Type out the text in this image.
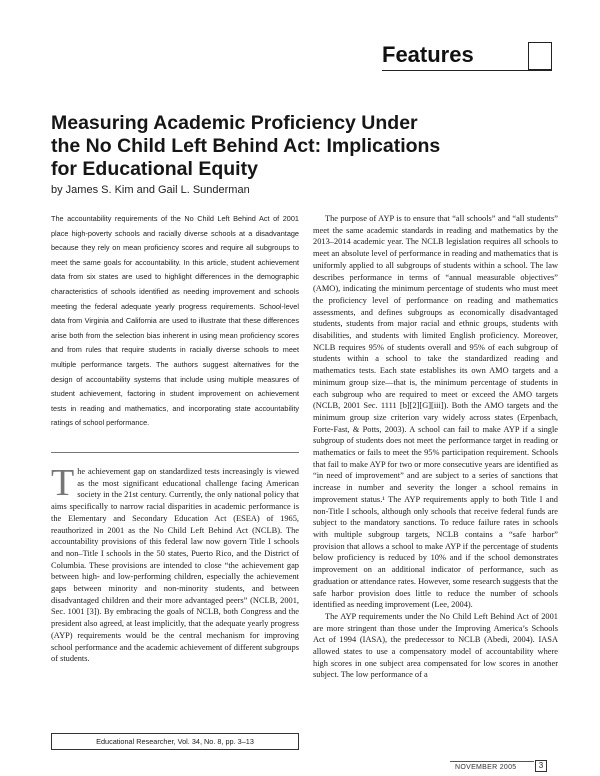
Features
Measuring Academic Proficiency Under the No Child Left Behind Act: Implications for Educational Equity
by James S. Kim and Gail L. Sunderman
The accountability requirements of the No Child Left Behind Act of 2001 place high-poverty schools and racially diverse schools at a disadvantage because they rely on mean proficiency scores and require all subgroups to meet the same goals for accountability. In this article, student achievement data from six states are used to highlight differences in the demographic characteristics of schools identified as needing improvement and schools meeting the federal adequate yearly progress requirements. School-level data from Virginia and California are used to illustrate that these differences arise both from the selection bias inherent in using mean proficiency scores and from rules that require students in racially diverse schools to meet multiple performance targets. The authors suggest alternatives for the design of accountability systems that include using multiple measures of student achievement, factoring in student improvement on achievement tests in reading and mathematics, and incorporating state accountability ratings of school performance.
The achievement gap on standardized tests increasingly is viewed as the most significant educational challenge facing American society in the 21st century. Currently, the only national policy that aims specifically to narrow racial disparities in academic performance is the Elementary and Secondary Education Act (ESEA) of 1965, reauthorized in 2001 as the No Child Left Behind Act (NCLB). The accountability provisions of this federal law now govern Title I schools and non–Title I schools in the 50 states, Puerto Rico, and the District of Columbia. These provisions are intended to close “the achievement gap between high- and low-performing children, especially the achievement gaps between minority and non-minority students, and between disadvantaged children and their more advantaged peers” (NCLB, 2001, Sec. 1001 [3]). By embracing the goals of NCLB, both Congress and the president also agreed, at least implicitly, that the adequate yearly progress (AYP) requirements would be the central mechanism for improving school performance and the academic achievement of different subgroups of students.

The purpose of AYP is to ensure that “all schools” and “all students” meet the same academic standards in reading and mathematics by the 2013–2014 academic year. The NCLB legislation requires all schools to meet an absolute level of performance in reading and mathematics that is uniformly applied to all subgroups of students within a school. The law describes performance in terms of “annual measurable objectives” (AMO), indicating the minimum percentage of students who must meet the proficiency level of performance on reading and mathematics assessments, and defines subgroups as economically disadvantaged students, students from major racial and ethnic groups, students with disabilities, and students with limited English proficiency. Moreover, NCLB requires 95% of students overall and 95% of each subgroup of students within a school to take the standardized reading and mathematics tests. Each state establishes its own AMO targets and a minimum group size—that is, the minimum percentage of students in each subgroup who are required to meet or exceed the AMO targets (NCLB, 2001 Sec. 1111 [b][2][G][iii]). Both the AMO targets and the minimum group size criterion vary widely across states (Erpenbach, Forte-Fast, & Potts, 2003). A school can fail to make AYP if a single subgroup of students does not meet the performance target in reading or mathematics or fails to meet the 95% participation requirement. Schools that fail to make AYP for two or more consecutive years are identified as “in need of improvement” and are subject to a series of sanctions that increase in number and severity the longer a school remains in improvement status.¹ The AYP requirements apply to both Title I and non-Title I schools, although only schools that receive federal funds are subject to the mandatory sanctions. To reduce failure rates in schools with multiple subgroup targets, NCLB contains a “safe harbor” provision that allows a school to make AYP if the percentage of students below proficiency is reduced by 10% and if the school demonstrates improvement on an additional indicator of performance, such as graduation or attendance rates. However, some research suggests that the safe harbor provision does little to reduce the number of schools identified as needing improvement (Lee, 2004).

The AYP requirements under the No Child Left Behind Act of 2001 are more stringent than those under the Improving America’s Schools Act of 1994 (IASA), the predecessor to NCLB (Abedi, 2004). IASA allowed states to use a compensatory model of accountability where high scores in one subject area compensated for low scores in another subject. The low performance of a

Educational Researcher, Vol. 34, No. 8, pp. 3–13
NOVEMBER 2005	3
